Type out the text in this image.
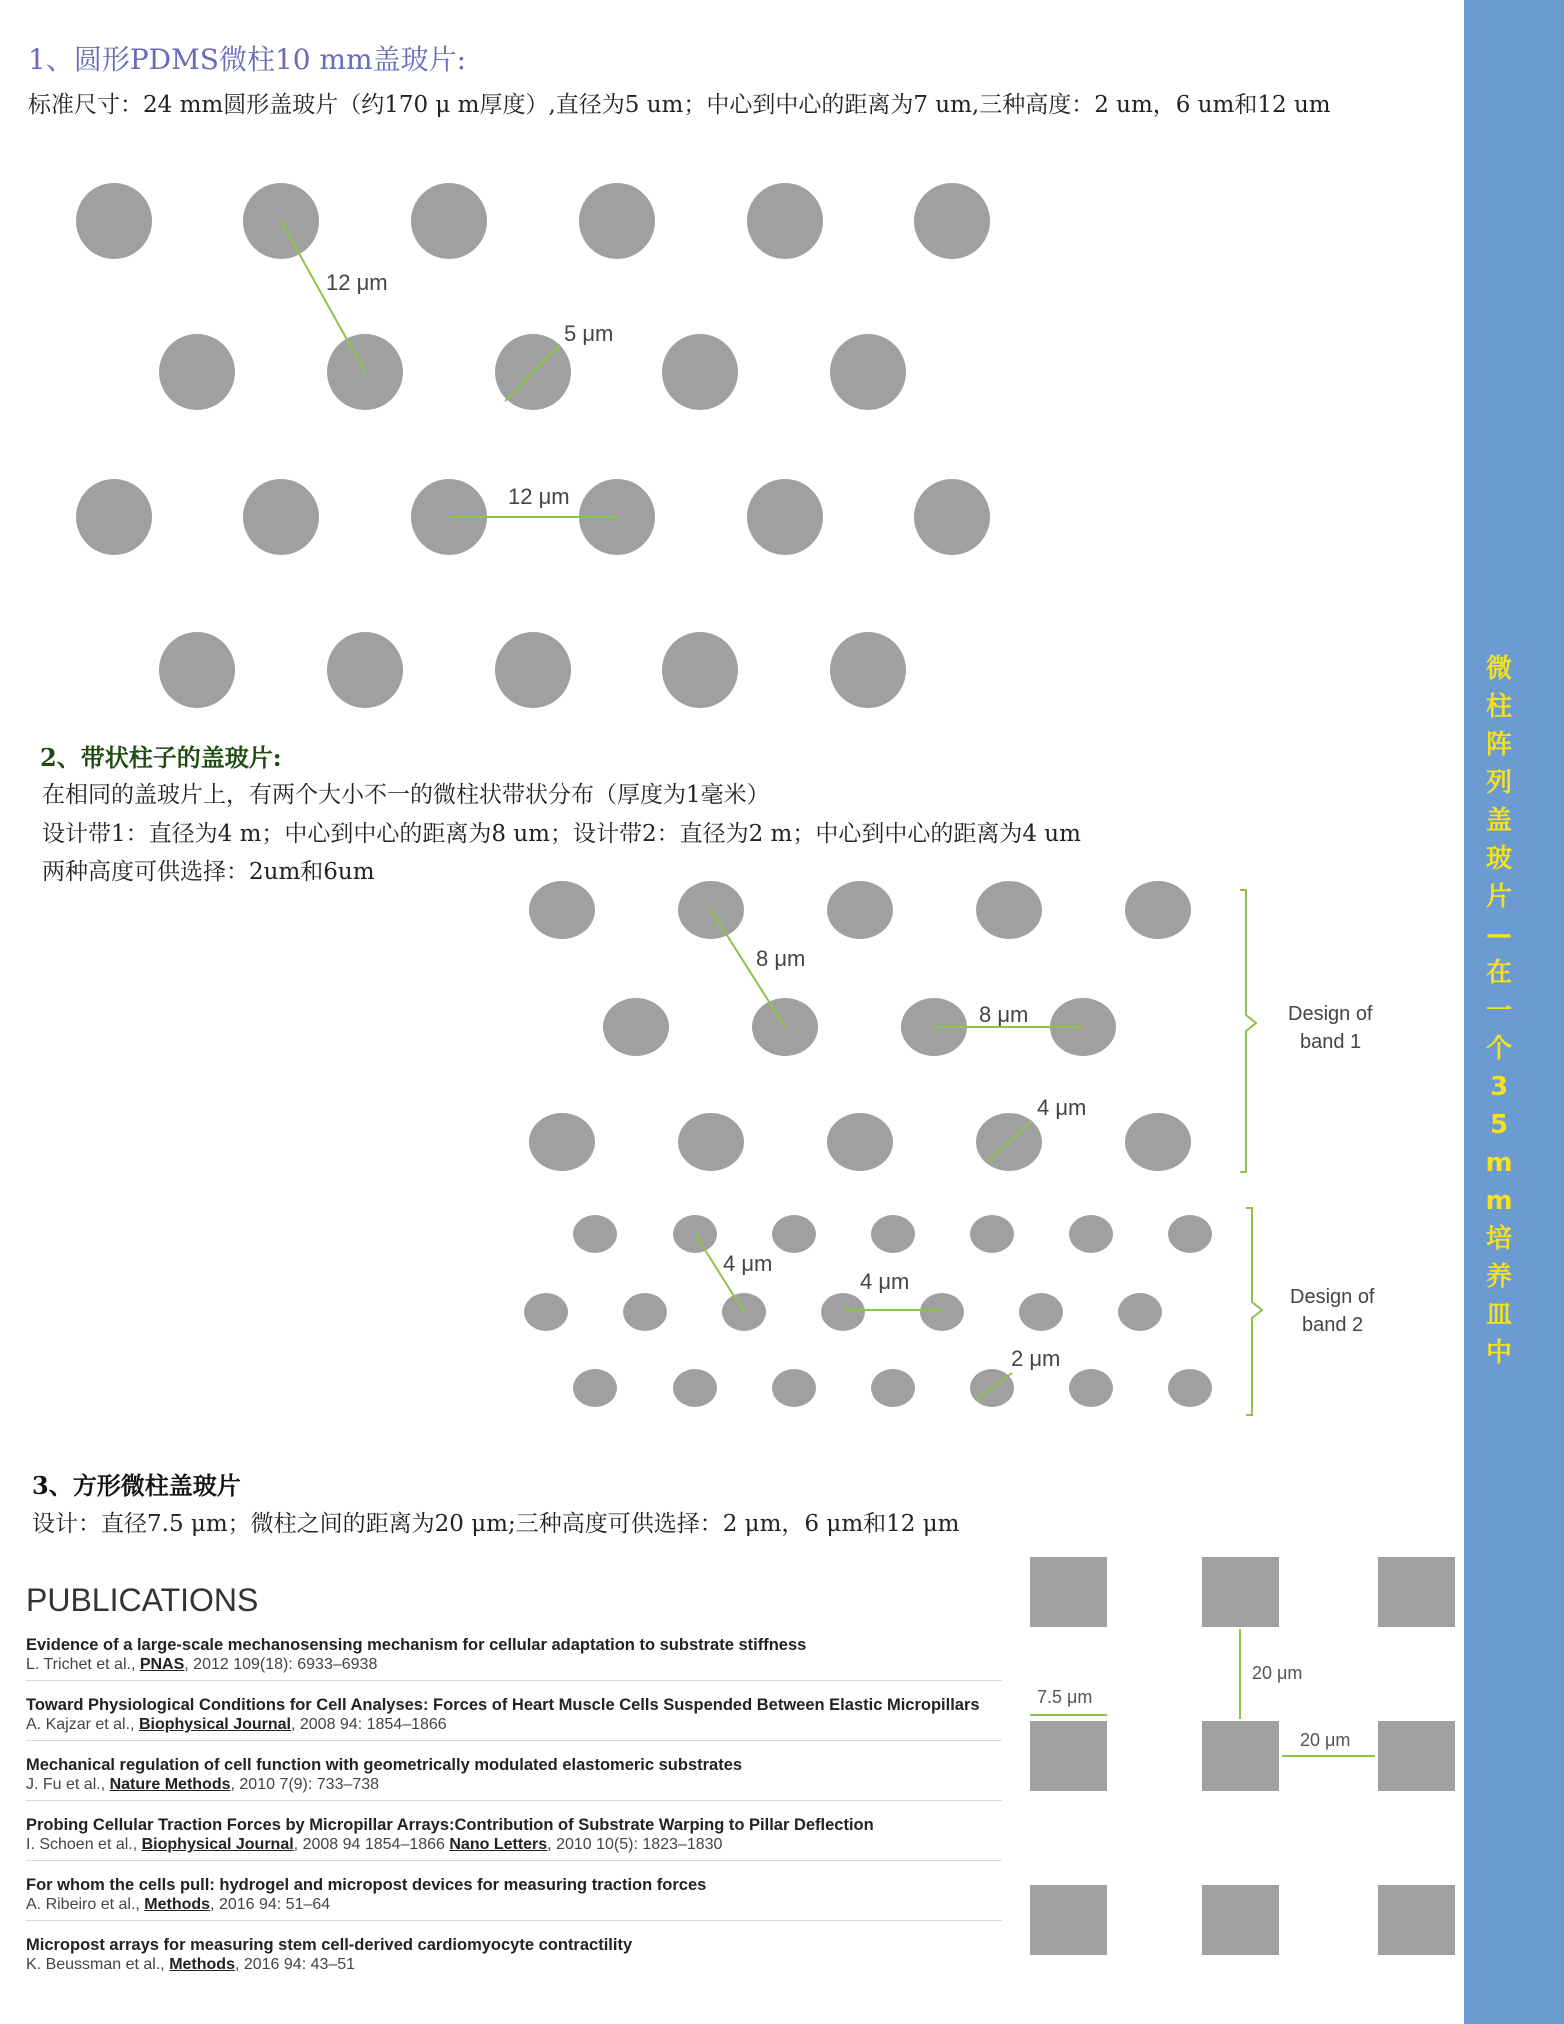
1、圆形PDMS微柱10 mm盖玻片:
标准尺寸：24 mm圆形盖玻片（约170 μ m厚度）,直径为5 um；中心到中心的距离为7 um,三种高度：2 um，6 um和12 um
12 μm
5 μm
12 μm
2、带状柱子的盖玻片:
在相同的盖玻片上，有两个大小不一的微柱状带状分布（厚度为1毫米）
设计带1：直径为4 m；中心到中心的距离为8 um；设计带2：直径为2 m；中心到中心的距离为4 um
两种高度可供选择：2um和6um
8 μm
8 μm
4 μm
Design of
band 1
4 μm
4 μm
2 μm
Design of
band 2
3、方形微柱盖玻片
设计：直径7.5 μm；微柱之间的距离为20 μm;三种高度可供选择：2 μm，6 μm和12 μm
7.5 μm
20 μm
20 μm
PUBLICATIONS
Evidence of a large-scale mechanosensing mechanism for cellular adaptation to substrate stiffness
L. Trichet et al., PNAS, 2012 109(18): 6933–6938
Toward Physiological Conditions for Cell Analyses: Forces of Heart Muscle Cells Suspended Between Elastic Micropillars
A. Kajzar et al., Biophysical Journal, 2008 94: 1854–1866
Mechanical regulation of cell function with geometrically modulated elastomeric substrates
J. Fu et al., Nature Methods, 2010 7(9): 733–738
Probing Cellular Traction Forces by Micropillar Arrays:Contribution of Substrate Warping to Pillar Deflection
I. Schoen et al., Biophysical Journal, 2008 94 1854–1866 Nano Letters, 2010 10(5): 1823–1830
For whom the cells pull: hydrogel and micropost devices for measuring traction forces
A. Ribeiro et al., Methods, 2016 94: 51–64
Micropost arrays for measuring stem cell-derived cardiomyocyte contractility
K. Beussman et al., Methods, 2016 94: 43–51
微
柱
阵
列
盖
玻
片
—
在
一
个
3
5
m
m
培
养
皿
中
